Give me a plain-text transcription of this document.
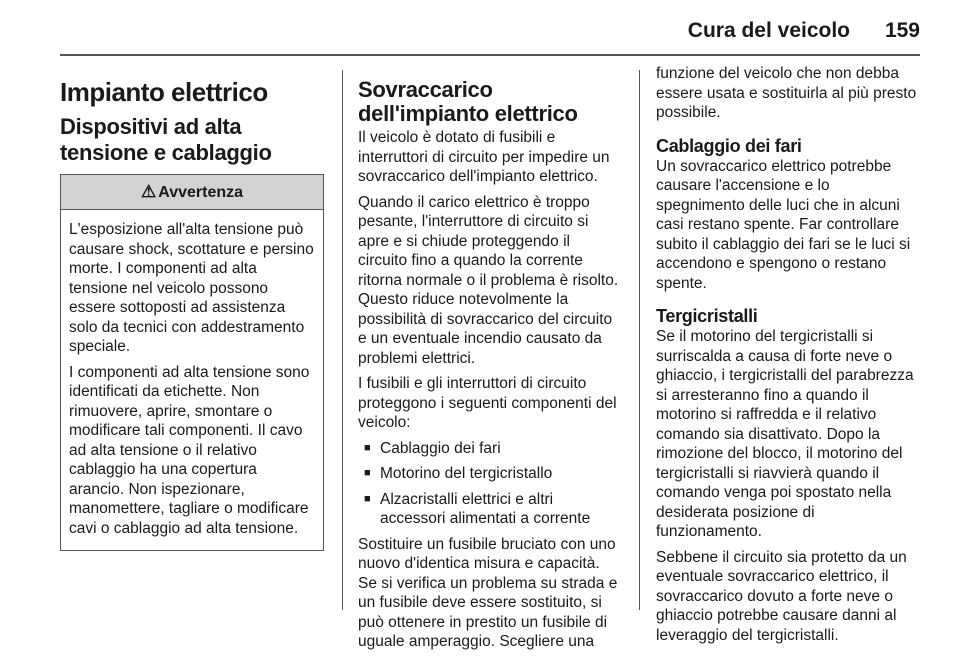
Cura del veicolo 159
Impianto elettrico
Dispositivi ad alta tensione e cablaggio
⚠ Avvertenza

L'esposizione all'alta tensione può causare shock, scottature e persino morte. I componenti ad alta tensione nel veicolo possono essere sottoposti ad assistenza solo da tecnici con addestramento speciale.

I componenti ad alta tensione sono identificati da etichette. Non rimuovere, aprire, smontare o modificare tali componenti. Il cavo ad alta tensione o il relativo cablaggio ha una copertura arancio. Non ispezionare, manomettere, tagliare o modificare cavi o cablaggio ad alta tensione.

Sovraccarico dell'impianto elettrico

Il veicolo è dotato di fusibili e interruttori di circuito per impedire un sovraccarico dell'impianto elettrico.

Quando il carico elettrico è troppo pesante, l'interruttore di circuito si apre e si chiude proteggendo il circuito fino a quando la corrente ritorna normale o il problema è risolto. Questo riduce notevolmente la possibilità di sovraccarico del circuito e un eventuale incendio causato da problemi elettrici.

I fusibili e gli interruttori di circuito proteggono i seguenti componenti del veicolo:

■ Cablaggio dei fari
■ Motorino del tergicristallo
■ Alzacristalli elettrici e altri accessori alimentati a corrente

Sostituire un fusibile bruciato con uno nuovo d'identica misura e capacità. Se si verifica un problema su strada e un fusibile deve essere sostituito, si può ottenere in prestito un fusibile di uguale amperaggio. Scegliere una

funzione del veicolo che non debba essere usata e sostituirla al più presto possibile.

Cablaggio dei fari

Un sovraccarico elettrico potrebbe causare l'accensione e lo spegnimento delle luci che in alcuni casi restano spente. Far controllare subito il cablaggio dei fari se le luci si accendono e spengono o restano spente.

Tergicristalli

Se il motorino del tergicristalli si surriscalda a causa di forte neve o ghiaccio, i tergicristalli del parabrezza si arresteranno fino a quando il motorino si raffredda e il relativo comando sia disattivato. Dopo la rimozione del blocco, il motorino del tergicristalli si riavvierà quando il comando venga poi spostato nella desiderata posizione di funzionamento.

Sebbene il circuito sia protetto da un eventuale sovraccarico elettrico, il sovraccarico dovuto a forte neve o ghiaccio potrebbe causare danni al leveraggio del tergicristalli.
